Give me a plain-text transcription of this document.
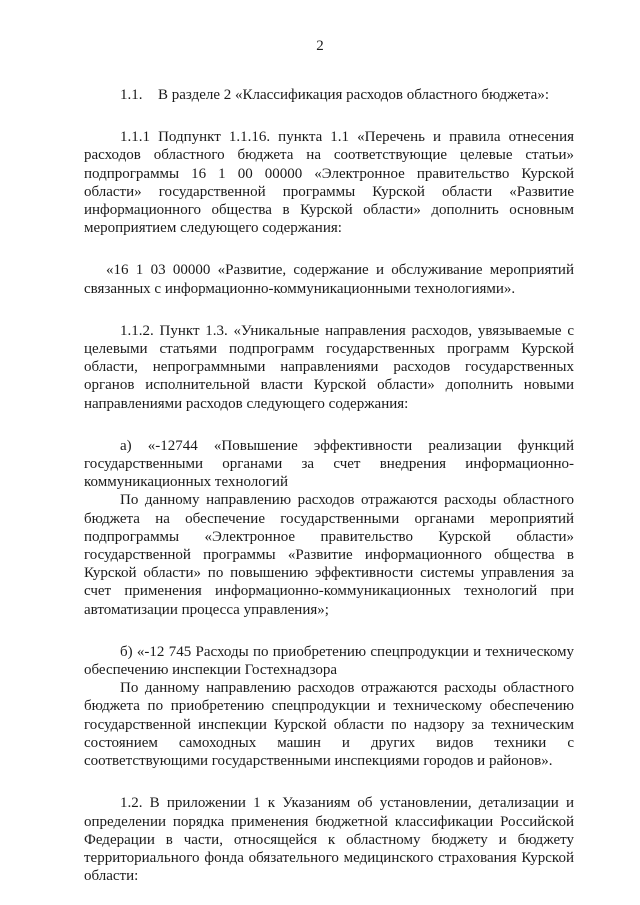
2

1.1. В разделе 2 «Классификация расходов областного бюджета»:

1.1.1 Подпункт 1.1.16. пункта 1.1 «Перечень и правила отнесения расходов областного бюджета на соответствующие целевые статьи» подпрограммы 16 1 00 00000 «Электронное правительство Курской области» государственной программы Курской области «Развитие информационного общества в Курской области» дополнить основным мероприятием следующего содержания:

«16 1 03 00000 «Развитие, содержание и обслуживание мероприятий связанных с информационно-коммуникационными технологиями».

1.1.2. Пункт 1.3. «Уникальные направления расходов, увязываемые с целевыми статьями подпрограмм государственных программ Курской области, непрограммными направлениями расходов государственных органов исполнительной власти Курской области» дополнить новыми направлениями расходов следующего содержания:

а) «-12744 «Повышение эффективности реализации функций государственными органами за счет внедрения информационно-коммуникационных технологий

По данному направлению расходов отражаются расходы областного бюджета на обеспечение государственными органами мероприятий подпрограммы «Электронное правительство Курской области» государственной программы «Развитие информационного общества в Курской области» по повышению эффективности системы управления за счет применения информационно-коммуникационных технологий при автоматизации процесса управления»;

б) «-12 745 Расходы по приобретению спецпродукции и техническому обеспечению инспекции Гостехнадзора

По данному направлению расходов отражаются расходы областного бюджета по приобретению спецпродукции и техническому обеспечению государственной инспекции Курской области по надзору за техническим состоянием самоходных машин и других видов техники с соответствующими государственными инспекциями городов и районов».

1.2. В приложении 1 к Указаниям об установлении, детализации и определении порядка применения бюджетной классификации Российской Федерации в части, относящейся к областному бюджету и бюджету территориального фонда обязательного медицинского страхования Курской области:
